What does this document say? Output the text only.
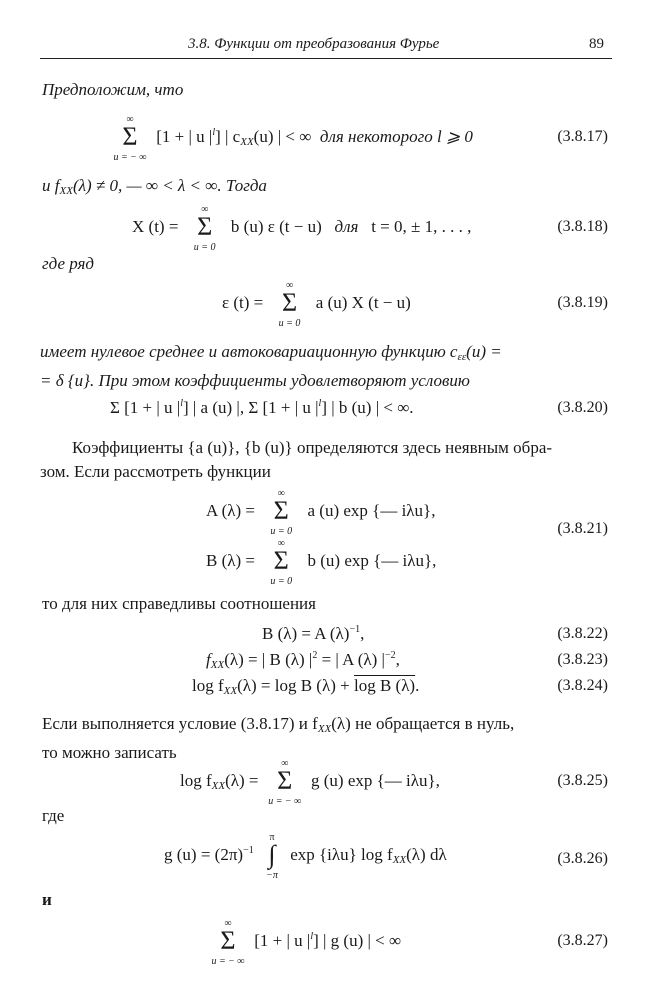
3.8. Функции от преобразования Фурье	89
Предположим, что
∞
Σ
u = − ∞
[1 + | u $|^l$] | $c_{XX}(u)$ | < ∞ для некоторого l ⩾ 0	(3.8.17)
и $f_{XX}(\lambda) \ne 0$, — ∞ < λ < ∞. Тогда
X (t) =
∞
Σ
u = 0
b (u) ε (t − u) для t = 0, ± 1, . . . ,	(3.8.18)
где ряд
ε (t) =
∞
Σ
u = 0
a (u) X (t − u)	(3.8.19)
имеет нулевое среднее и автоковариационную функцию $c_{\varepsilon\varepsilon}(u)$ =
= δ {u}. При этом коэффициенты удовлетворяют условию
Σ [1 + | u $|^l$] | a (u) |, Σ [1 + | u $|^l$] | b (u) | < ∞.	(3.8.20)
Коэффициенты {a (u)}, {b (u)} определяются здесь неявным обра-
зом. Если рассмотреть функции
A (λ) =
∞
Σ
u = 0
a (u) exp {— iλu},
B (λ) =
∞
Σ
u = 0
b (u) exp {— iλu},
(3.8.21)
то для них справедливы соотношения
B (λ) = A $(\lambda)^{-1}$,	(3.8.22)
$f_{XX}(\lambda)$ = | B (λ) $|^2$ = | A (λ) $|^{-2}$,	(3.8.23)
$\log f_{XX}(\lambda) = \log B$ (λ) + log B (λ).	(3.8.24)
Если выполняется условие (3.8.17) и $f_{XX}(\lambda)$ не обращается в нуль,
то можно записать
$\log f_{XX}(\lambda)$ =
∞
Σ
u = − ∞
g (u) exp {— iλu},	(3.8.25)
где
g $(u) = (2\pi)^{-1}$
π
∫
−π
exp {iλu} $\log f_{XX}(\lambda)$ dλ	(3.8.26)
и
∞
Σ
u = − ∞
[1 + | u $|^l$] | g (u) | < ∞	(3.8.27)
